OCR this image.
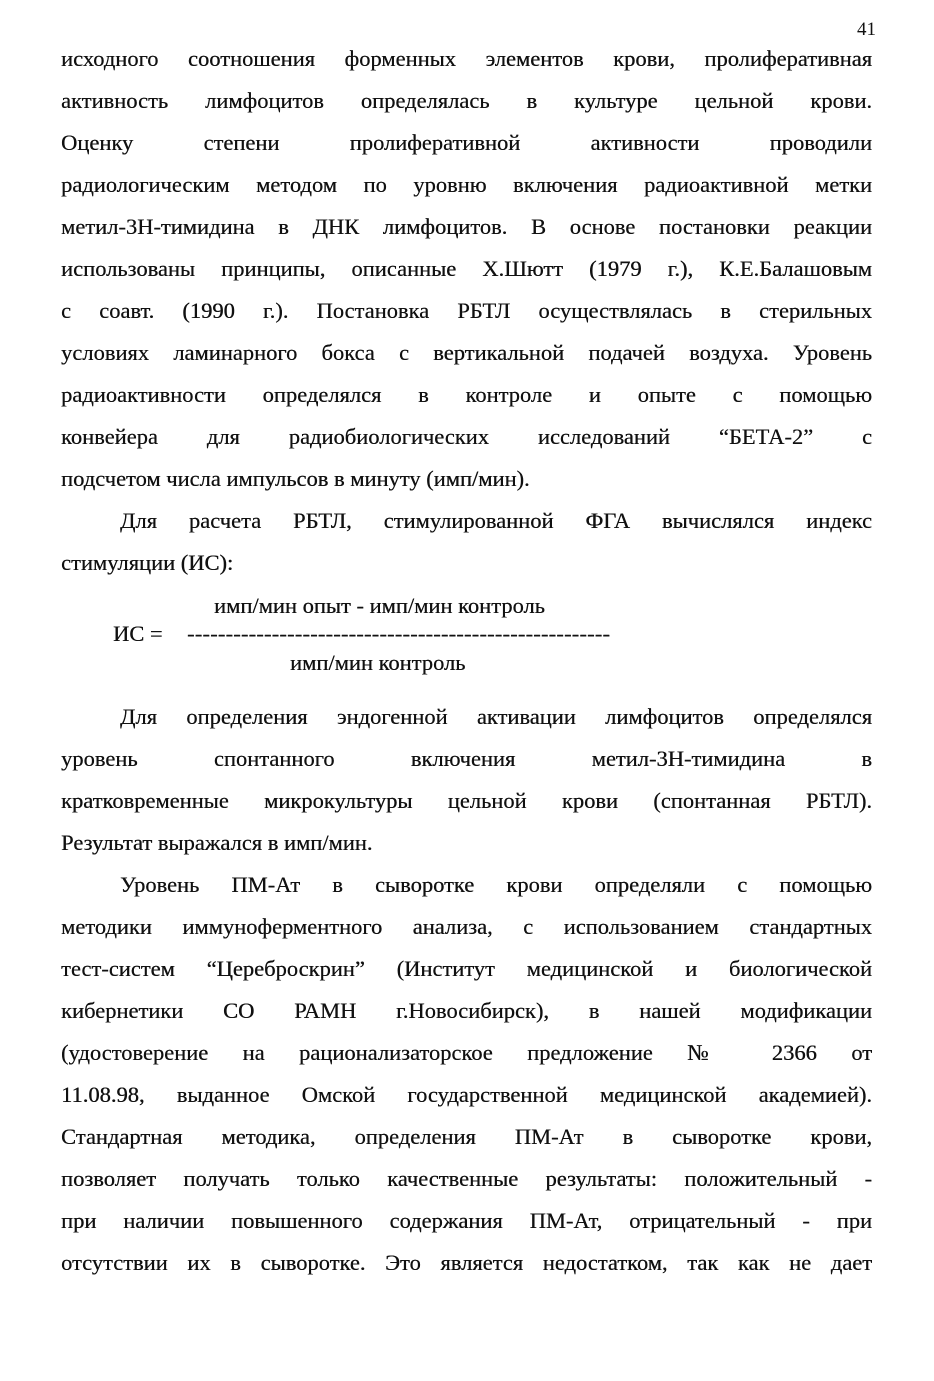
41
исходного соотношения форменных элементов крови, пролиферативная
активность лимфоцитов определялась в культуре цельной крови.
Оценку степени пролиферативной активности проводили
радиологическим методом по уровню включения радиоактивной метки
метил-3Н-тимидина в ДНК лимфоцитов. В основе постановки реакции
использованы принципы, описанные Х.Шютт (1979 г.), К.Е.Балашовым
с соавт. (1990 г.). Постановка РБТЛ осуществлялась в стерильных
условиях ламинарного бокса с вертикальной подачей воздуха. Уровень
радиоактивности определялся в контроле и опыте с помощью
конвейера для радиобиологических исследований “БЕТА-2” с
подсчетом числа импульсов в минуту (имп/мин).
Для расчета РБТЛ, стимулированной ФГА вычислялся индекс
стимуляции (ИС):
имп/мин опыт - имп/мин контроль
ИС = -------------------------------------------------------
имп/мин контроль
Для определения эндогенной активации лимфоцитов определялся
уровень спонтанного включения метил-3Н-тимидина в
кратковременные микрокультуры цельной крови (спонтанная РБТЛ).
Результат выражался в имп/мин.
Уровень ПМ-Ат в сыворотке крови определяли с помощью
методики иммуноферментного анализа, с использованием стандартных
тест-систем “Цереброскрин” (Институт медицинской и биологической
кибернетики СО РАМН г.Новосибирск), в нашей модификации
(удостоверение на рационализаторское предложение № 2366 от
11.08.98, выданное Омской государственной медицинской академией).
Стандартная методика, определения ПМ-Ат в сыворотке крови,
позволяет получать только качественные результаты: положительный -
при наличии повышенного содержания ПМ-Ат, отрицательный - при
отсутствии их в сыворотке. Это является недостатком, так как не дает
